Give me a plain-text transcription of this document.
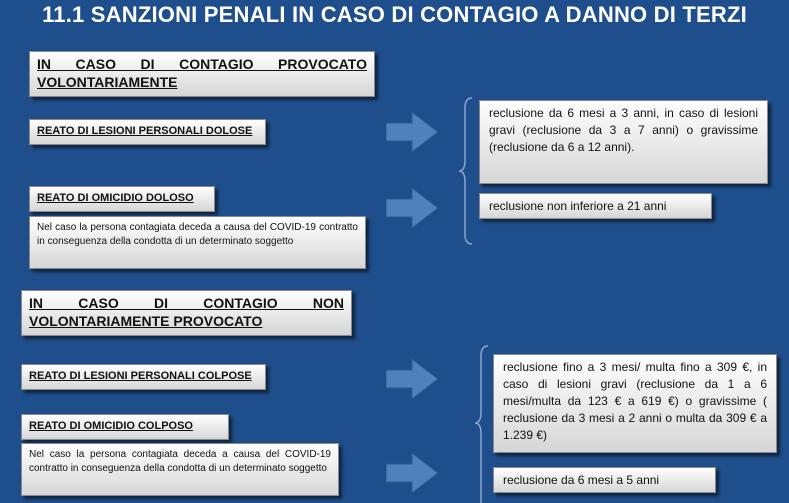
11.1 SANZIONI PENALI IN CASO DI CONTAGIO A DANNO DI TERZI
IN CASO DI CONTAGIO PROVOCATO
VOLONTARIAMENTE
REATO DI LESIONI PERSONALI DOLOSE
REATO DI OMICIDIO DOLOSO
Nel caso la persona contagiata deceda a causa del COVID-19 contratto in conseguenza della condotta di un determinato soggetto
IN CASO DI CONTAGIO NON
VOLONTARIAMENTE PROVOCATO
REATO DI LESIONI PERSONALI COLPOSE
REATO DI OMICIDIO COLPOSO
Nel caso la persona contagiata deceda a causa del COVID-19 contratto in conseguenza della condotta di un determinato soggetto
reclusione da 6 mesi a 3 anni, in caso di lesioni gravi (reclusione da 3 a 7 anni) o gravissime (reclusione da 6 a 12 anni).
reclusione non inferiore a 21 anni
reclusione fino a 3 mesi/ multa fino a 309 €, in caso di lesioni gravi (reclusione da 1 a 6 mesi/multa da 123 € a 619 €) o gravissime ( reclusione da 3 mesi a 2 anni o multa da 309 € a 1.239 €)
reclusione da 6 mesi a 5 anni
